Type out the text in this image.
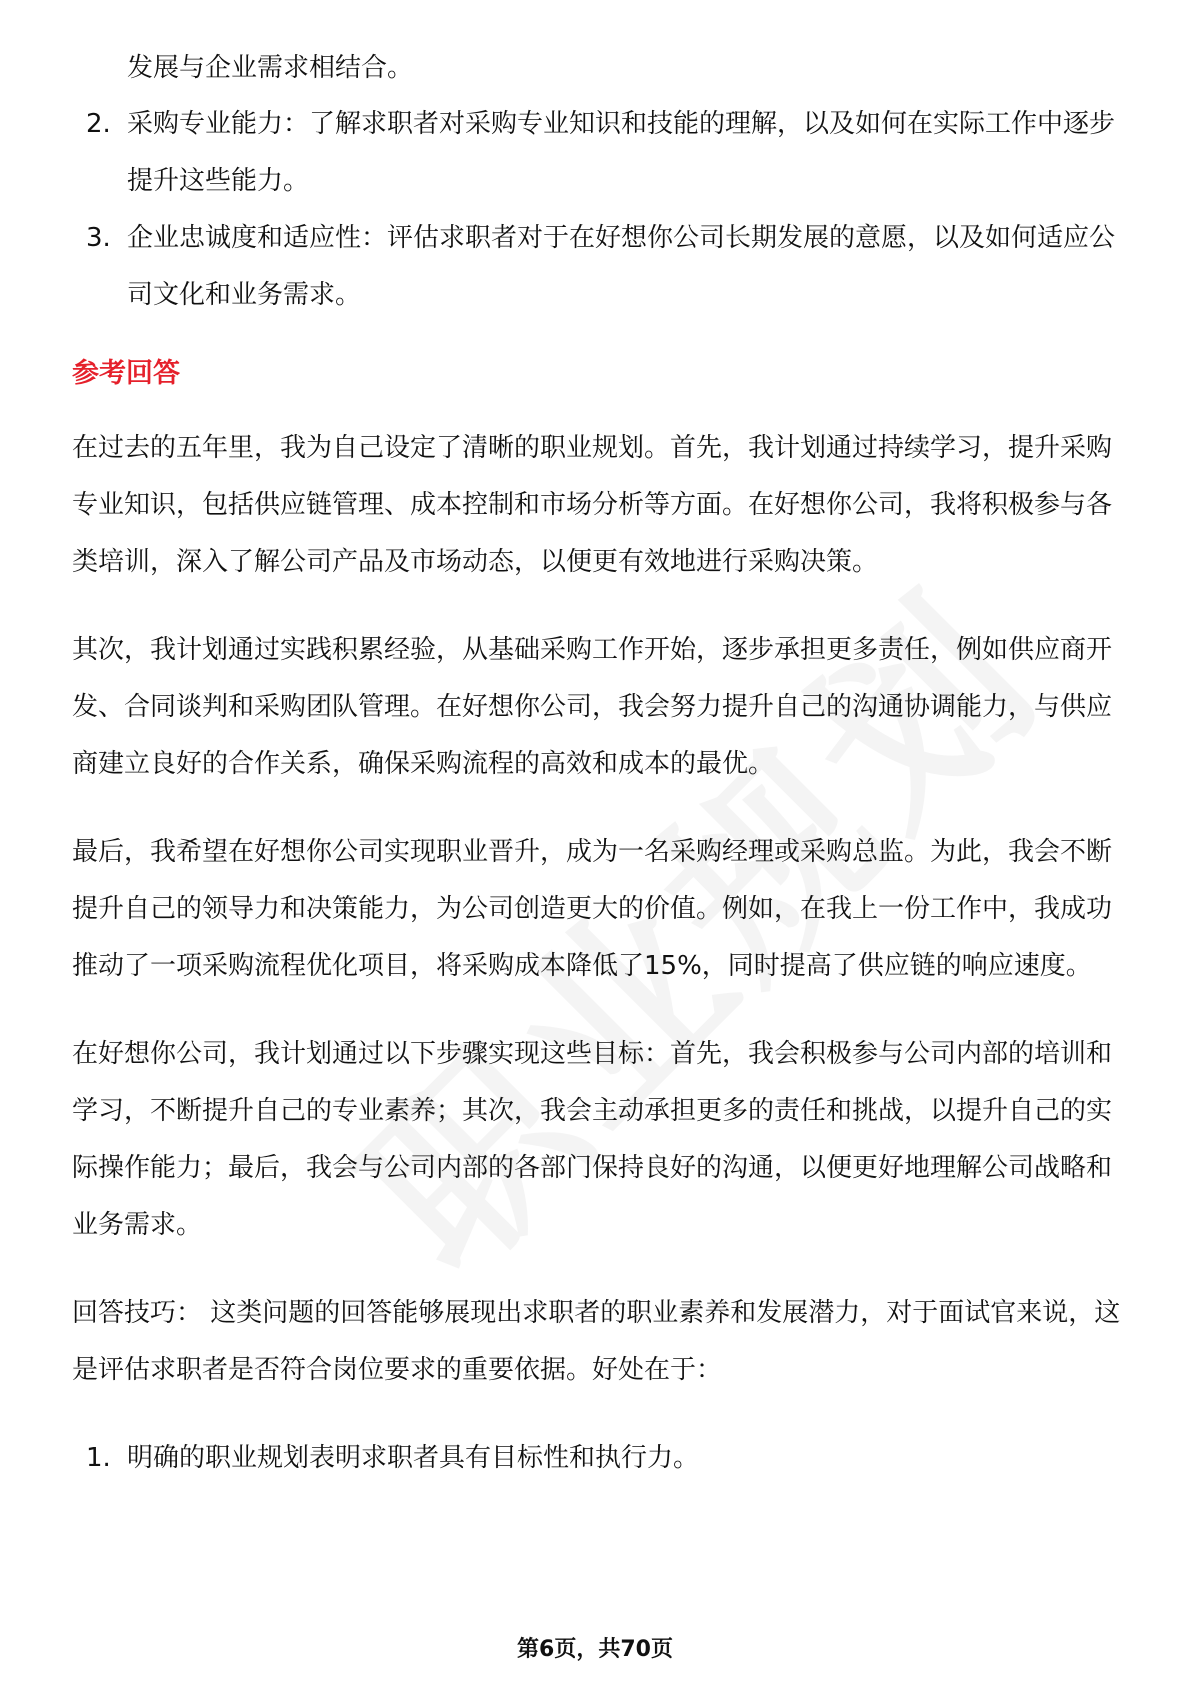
发展与企业需求相结合。

2. 采购专业能力：了解求职者对采购专业知识和技能的理解，以及如何在实际工作中逐步提升这些能力。
3. 企业忠诚度和适应性：评估求职者对于在好想你公司长期发展的意愿，以及如何适应公司文化和业务需求。
参考回答

在过去的五年里，我为自己设定了清晰的职业规划。首先，我计划通过持续学习，提升采购专业知识，包括供应链管理、成本控制和市场分析等方面。在好想你公司，我将积极参与各类培训，深入了解公司产品及市场动态，以便更有效地进行采购决策。

其次，我计划通过实践积累经验，从基础采购工作开始，逐步承担更多责任，例如供应商开发、合同谈判和采购团队管理。在好想你公司，我会努力提升自己的沟通协调能力，与供应商建立良好的合作关系，确保采购流程的高效和成本的最优。

最后，我希望在好想你公司实现职业晋升，成为一名采购经理或采购总监。为此，我会不断提升自己的领导力和决策能力，为公司创造更大的价值。例如，在我上一份工作中，我成功推动了一项采购流程优化项目，将采购成本降低了15%，同时提高了供应链的响应速度。

在好想你公司，我计划通过以下步骤实现这些目标：首先，我会积极参与公司内部的培训和学习，不断提升自己的专业素养；其次，我会主动承担更多的责任和挑战，以提升自己的实际操作能力；最后，我会与公司内部的各部门保持良好的沟通，以便更好地理解公司战略和业务需求。

回答技巧： 这类问题的回答能够展现出求职者的职业素养和发展潜力，对于面试官来说，这是评估求职者是否符合岗位要求的重要依据。好处在于：

1. 明确的职业规划表明求职者具有目标性和执行力。
第6页，共70页
